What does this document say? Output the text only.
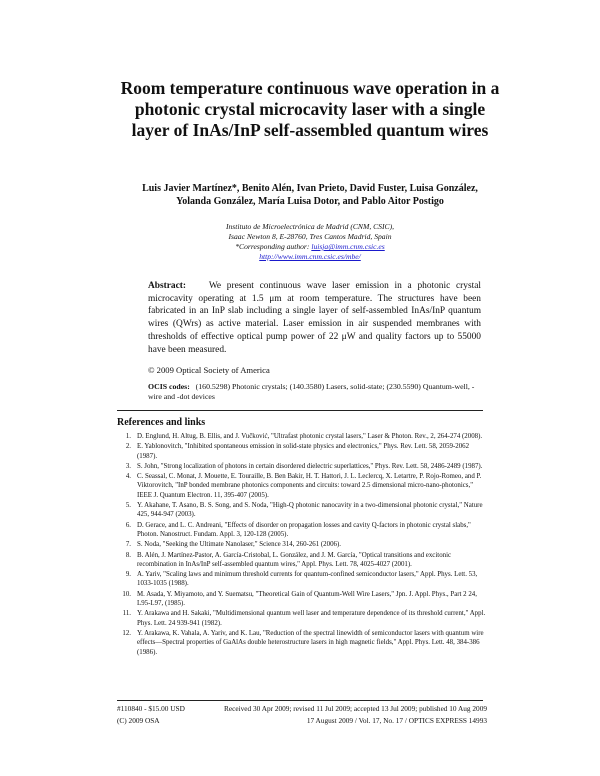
Room temperature continuous wave operation in a photonic crystal microcavity laser with a single layer of InAs/InP self-assembled quantum wires
Luis Javier Martínez*, Benito Alén, Ivan Prieto, David Fuster, Luisa González, Yolanda González, María Luisa Dotor, and Pablo Aitor Postigo
Instituto de Microelectrónica de Madrid (CNM, CSIC),
Isaac Newton 8, E-28760, Tres Cantos Madrid, Spain
*Corresponding author: luisja@imm.cnm.csic.es
http://www.imm.cnm.csic.es/mbe/
Abstract: We present continuous wave laser emission in a photonic crystal microcavity operating at 1.5 μm at room temperature. The structures have been fabricated in an InP slab including a single layer of self-assembled InAs/InP quantum wires (QWrs) as active material. Laser emission in air suspended membranes with thresholds of effective optical pump power of 22 μW and quality factors up to 55000 have been measured.
© 2009 Optical Society of America
OCIS codes: (160.5298) Photonic crystals; (140.3580) Lasers, solid-state; (230.5590) Quantum-well, -wire and -dot devices
References and links
1. D. Englund, H. Altug, B. Ellis, and J. Vučković, "Ultrafast photonic crystal lasers," Laser & Photon. Rev., 2, 264-274 (2008).
2. E. Yablonovitch, "Inhibited spontaneous emission in solid-state physics and electronics," Phys. Rev. Lett. 58, 2059-2062 (1987).
3. S. John, "Strong localization of photons in certain disordered dielectric superlattices," Phys. Rev. Lett. 58, 2486-2489 (1987).
4. C. Seassal, C. Monat, J. Mouette, E. Touraille, B. Ben Bakir, H. T. Hattori, J. L. Leclercq, X. Letartre, P. Rojo-Romeo, and P. Viktorovitch, "InP bonded membrane photonics components and circuits: toward 2.5 dimensional micro-nano-photonics," IEEE J. Quantum Electron. 11, 395-407 (2005).
5. Y. Akahane, T. Asano, B. S. Song, and S. Noda, "High-Q photonic nanocavity in a two-dimensional photonic crystal," Nature 425, 944-947 (2003).
6. D. Gerace, and L. C. Andreani, "Effects of disorder on propagation losses and cavity Q-factors in photonic crystal slabs," Photon. Nanostruct. Fundam. Appl. 3, 120-128 (2005).
7. S. Noda, "Seeking the Ultimate Nanolaser," Science 314, 260-261 (2006).
8. B. Alén, J. Martínez-Pastor, A. García-Cristobal, L. González, and J. M. García, "Optical transitions and excitonic recombination in InAs/InP self-assembled quantum wires," Appl. Phys. Lett. 78, 4025-4027 (2001).
9. A. Yariv, "Scaling laws and minimum threshold currents for quantum-confined semiconductor lasers," Appl. Phys. Lett. 53, 1033-1035 (1988).
10. M. Asada, Y. Miyamoto, and Y. Suematsu, "Theoretical Gain of Quantum-Well Wire Lasers," Jpn. J. Appl. Phys., Part 2 24, L95-L97, (1985).
11. Y. Arakawa and H. Sakaki, "Multidimensional quantum well laser and temperature dependence of its threshold current," Appl. Phys. Lett. 24 939-941 (1982).
12. Y. Arakawa, K. Vahala, A. Yariv, and K. Lau, "Reduction of the spectral linewidth of semiconductor lasers with quantum wire effects—Spectral properties of GaAlAs double heterostructure lasers in high magnetic fields," Appl. Phys. Lett. 48, 384-386 (1986).
#110840 - $15.00 USD	Received 30 Apr 2009; revised 11 Jul 2009; accepted 13 Jul 2009; published 10 Aug 2009
(C) 2009 OSA	17 August 2009 / Vol. 17, No. 17 / OPTICS EXPRESS 14993
